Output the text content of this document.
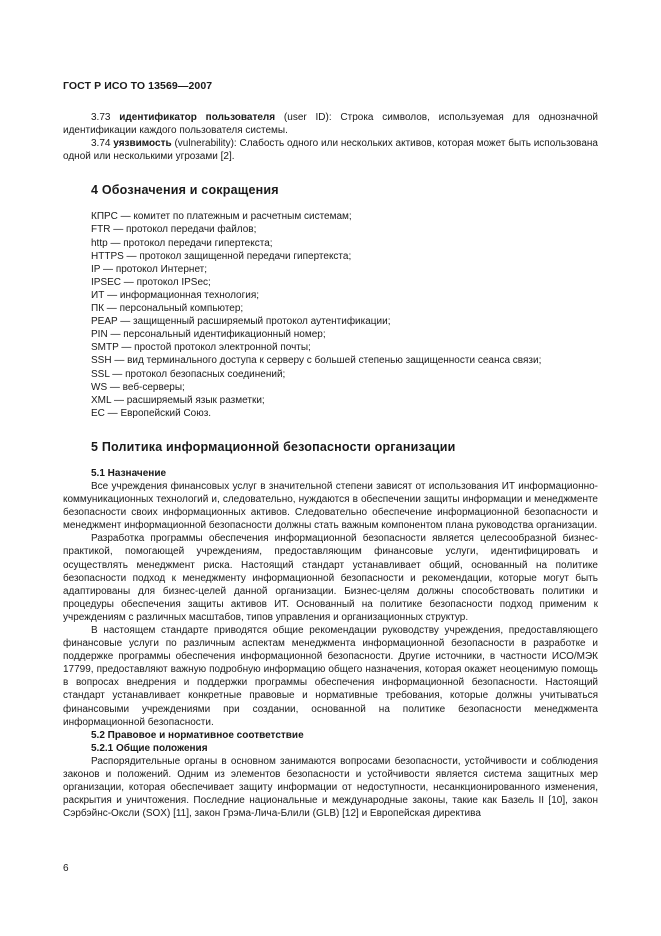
ГОСТ Р ИСО ТО 13569—2007

3.73 идентификатор пользователя (user ID): Строка символов, используемая для однозначной идентификации каждого пользователя системы.

3.74 уязвимость (vulnerability): Слабость одного или нескольких активов, которая может быть использована одной или несколькими угрозами [2].

4 Обозначения и сокращения
КПРС — комитет по платежным и расчетным системам;
FTR — протокол передачи файлов;
http — протокол передачи гипертекста;
HTTPS — протокол защищенной передачи гипертекста;
IP — протокол Интернет;
IPSEC — протокол IPSec;
ИТ — информационная технология;
ПК — персональный компьютер;
PEAP — защищенный расширяемый протокол аутентификации;
PIN — персональный идентификационный номер;
SMTP — простой протокол электронной почты;
SSH — вид терминального доступа к серверу с большей степенью защищенности сеанса связи;
SSL — протокол безопасных соединений;
WS — веб-серверы;
XML — расширяемый язык разметки;
ЕС — Европейский Союз.
5 Политика информационной безопасности организации
5.1 Назначение

Все учреждения финансовых услуг в значительной степени зависят от использования ИТ информационно-коммуникационных технологий и, следовательно, нуждаются в обеспечении защиты информации и менеджменте безопасности своих информационных активов. Следовательно обеспечение информационной безопасности и менеджмент информационной безопасности должны стать важным компонентом плана руководства организации.

Разработка программы обеспечения информационной безопасности является целесообразной бизнес-практикой, помогающей учреждениям, предоставляющим финансовые услуги, идентифицировать и осуществлять менеджмент риска. Настоящий стандарт устанавливает общий, основанный на политике безопасности подход к менеджменту информационной безопасности и рекомендации, которые могут быть адаптированы для бизнес-целей данной организации. Бизнес-целям должны способствовать политики и процедуры обеспечения защиты активов ИТ. Основанный на политике безопасности подход применим к учреждениям с различных масштабов, типов управления и организационных структур.

В настоящем стандарте приводятся общие рекомендации руководству учреждения, предоставляющего финансовые услуги по различным аспектам менеджмента информационной безопасности в разработке и поддержке программы обеспечения информационной безопасности. Другие источники, в частности ИСО/МЭК 17799, предоставляют важную подробную информацию общего назначения, которая окажет неоценимую помощь в вопросах внедрения и поддержки программы обеспечения информационной безопасности. Настоящий стандарт устанавливает конкретные правовые и нормативные требования, которые должны учитываться финансовыми учреждениями при создании, основанной на политике безопасности менеджмента информационной безопасности.

5.2 Правовое и нормативное соответствие
5.2.1 Общие положения

Распорядительные органы в основном занимаются вопросами безопасности, устойчивости и соблюдения законов и положений. Одним из элементов безопасности и устойчивости является система защитных мер организации, которая обеспечивает защиту информации от недоступности, несанкционированного изменения, раскрытия и уничтожения. Последние национальные и международные законы, такие как Базель II [10], закон Сэрбэйнс-Оксли (SOX) [11], закон Грэма-Лича-Блили (GLB) [12] и Европейская директива

6
